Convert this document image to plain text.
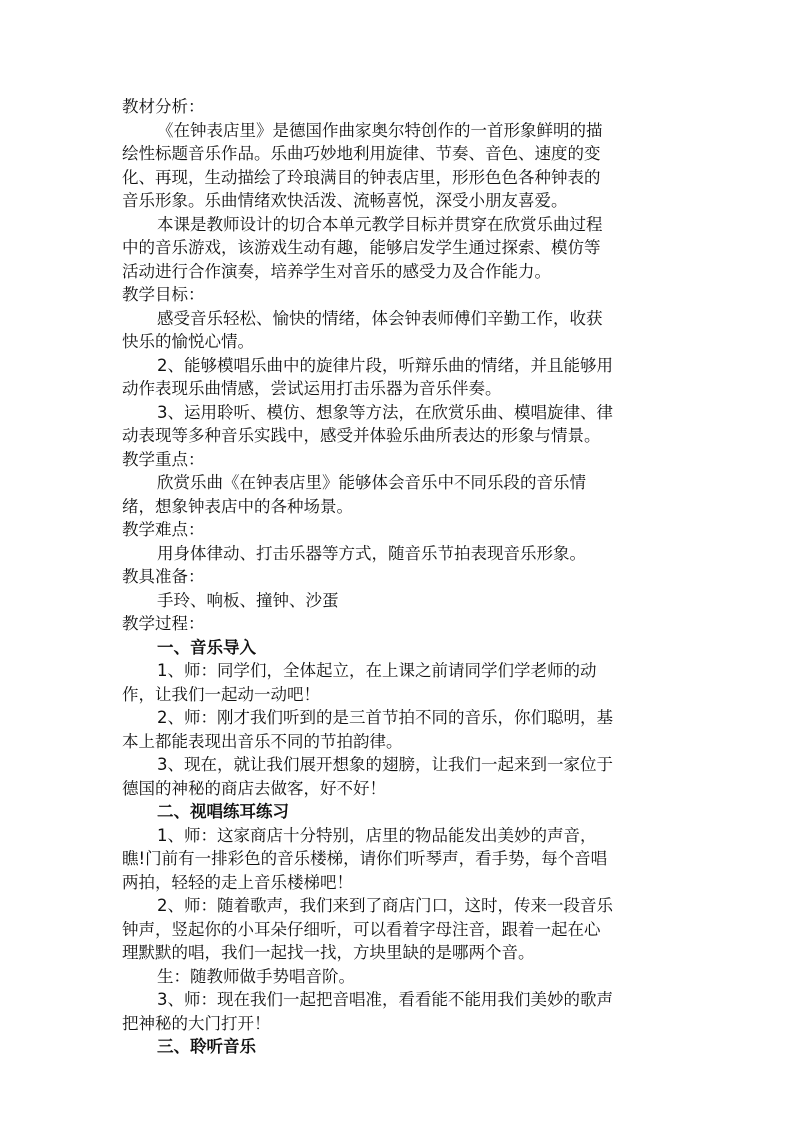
教材分析：
《在钟表店里》是德国作曲家奥尔特创作的一首形象鲜明的描
绘性标题音乐作品。乐曲巧妙地利用旋律、节奏、音色、速度的变
化、再现，生动描绘了玲琅满目的钟表店里，形形色色各种钟表的
音乐形象。乐曲情绪欢快活泼、流畅喜悦，深受小朋友喜爱。
本课是教师设计的切合本单元教学目标并贯穿在欣赏乐曲过程
中的音乐游戏，该游戏生动有趣，能够启发学生通过探索、模仿等
活动进行合作演奏，培养学生对音乐的感受力及合作能力。
教学目标：
感受音乐轻松、愉快的情绪，体会钟表师傅们辛勤工作，收获
快乐的愉悦心情。
2、能够模唱乐曲中的旋律片段，听辩乐曲的情绪，并且能够用
动作表现乐曲情感，尝试运用打击乐器为音乐伴奏。
3、运用聆听、模仿、想象等方法，在欣赏乐曲、模唱旋律、律
动表现等多种音乐实践中，感受并体验乐曲所表达的形象与情景。
教学重点：
欣赏乐曲《在钟表店里》能够体会音乐中不同乐段的音乐情
绪，想象钟表店中的各种场景。
教学难点：
用身体律动、打击乐器等方式，随音乐节拍表现音乐形象。
教具准备：
手玲、响板、撞钟、沙蛋
教学过程：
一、音乐导入
1、师：同学们，全体起立，在上课之前请同学们学老师的动
作，让我们一起动一动吧！
2、师：刚才我们听到的是三首节拍不同的音乐，你们聪明，基
本上都能表现出音乐不同的节拍韵律。
3、现在，就让我们展开想象的翅膀，让我们一起来到一家位于
德国的神秘的商店去做客，好不好！
二、视唱练耳练习
1、师：这家商店十分特别，店里的物品能发出美妙的声音，
瞧!门前有一排彩色的音乐楼梯，请你们听琴声，看手势，每个音唱
两拍，轻轻的走上音乐楼梯吧！
2、师：随着歌声，我们来到了商店门口，这时，传来一段音乐
钟声，竖起你的小耳朵仔细听，可以看着字母注音，跟着一起在心
理默默的唱，我们一起找一找，方块里缺的是哪两个音。
生：随教师做手势唱音阶。
3、师：现在我们一起把音唱准，看看能不能用我们美妙的歌声
把神秘的大门打开！
三、聆听音乐
